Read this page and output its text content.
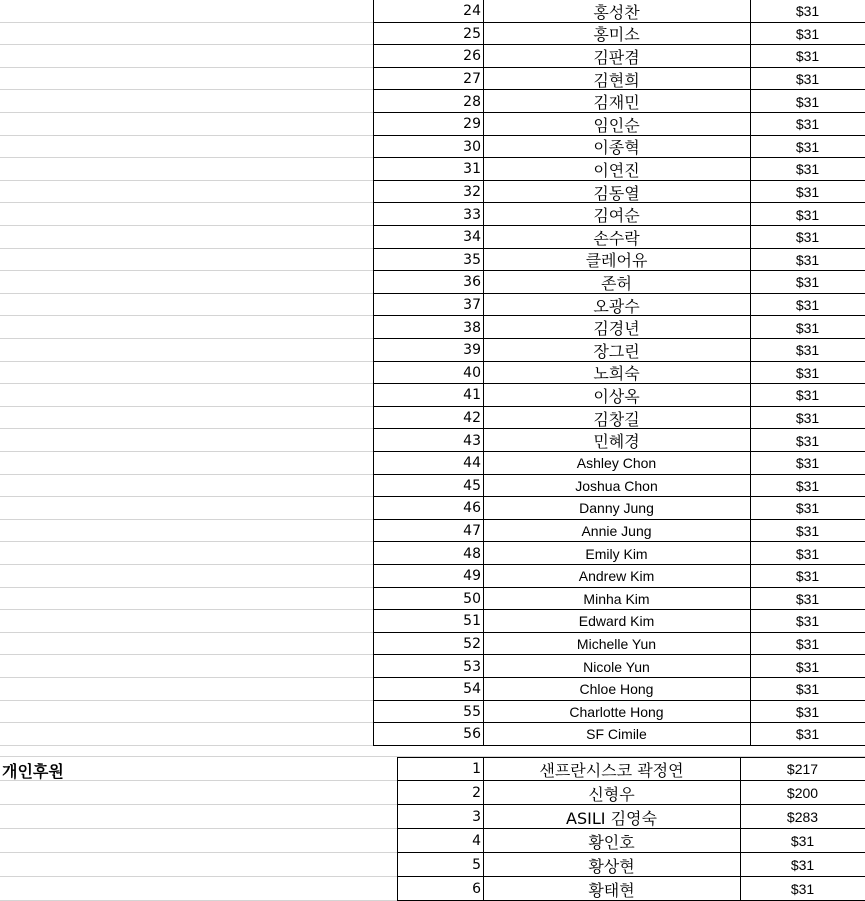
24	홍성찬	$31
25	홍미소	$31
26	김판겸	$31
27	김현희	$31
28	김재민	$31
29	임인순	$31
30	이종혁	$31
31	이연진	$31
32	김동열	$31
33	김여순	$31
34	손수락	$31
35	클레어유	$31
36	존허	$31
37	오광수	$31
38	김경년	$31
39	장그린	$31
40	노희숙	$31
41	이상옥	$31
42	김창길	$31
43	민혜경	$31
44	Ashley Chon	$31
45	Joshua Chon	$31
46	Danny Jung	$31
47	Annie Jung	$31
48	Emily Kim	$31
49	Andrew Kim	$31
50	Minha Kim	$31
51	Edward Kim	$31
52	Michelle Yun	$31
53	Nicole Yun	$31
54	Chloe Hong	$31
55	Charlotte Hong	$31
56	SF Cimile	$31
1	샌프란시스코 곽정연	$217
2	신형우	$200
3	ASILI 김영숙	$283
4	황인호	$31
5	황상현	$31
6	황태현	$31
개인후원
